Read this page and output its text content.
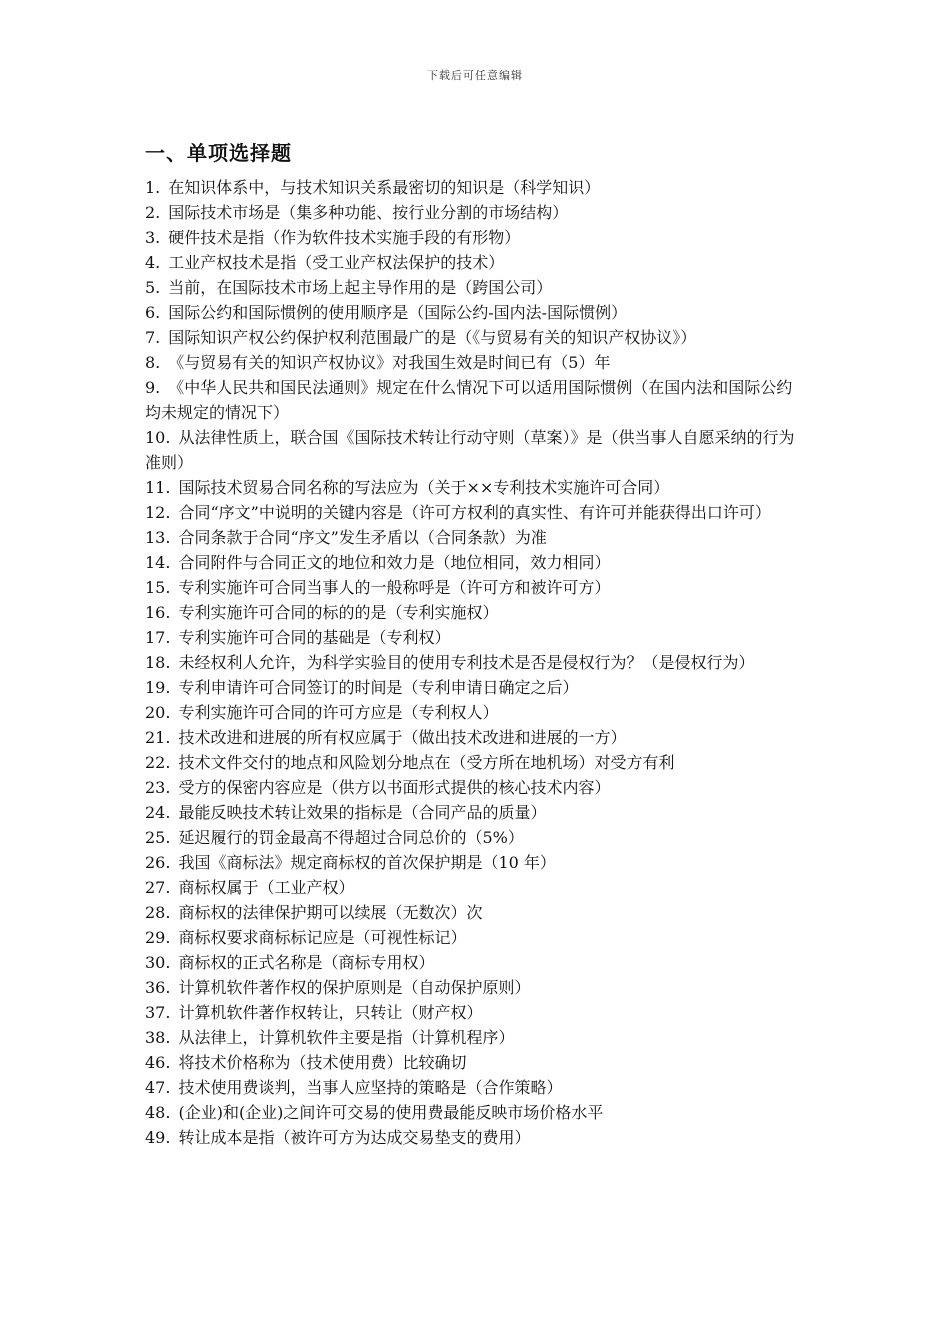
下载后可任意编辑
一、单项选择题
1. 在知识体系中，与技术知识关系最密切的知识是（科学知识）
2. 国际技术市场是（集多种功能、按行业分割的市场结构）
3. 硬件技术是指（作为软件技术实施手段的有形物）
4. 工业产权技术是指（受工业产权法保护的技术）
5. 当前，在国际技术市场上起主导作用的是（跨国公司）
6. 国际公约和国际惯例的使用顺序是（国际公约-国内法-国际惯例）
7. 国际知识产权公约保护权利范围最广的是（《与贸易有关的知识产权协议》）
8. 《与贸易有关的知识产权协议》对我国生效是时间已有（5）年
9. 《中华人民共和国民法通则》规定在什么情况下可以适用国际惯例（在国内法和国际公约均未规定的情况下）
10. 从法律性质上，联合国《国际技术转让行动守则（草案）》是（供当事人自愿采纳的行为准则）
11. 国际技术贸易合同名称的写法应为（关于××专利技术实施许可合同）
12. 合同“序文”中说明的关键内容是（许可方权利的真实性、有许可并能获得出口许可）
13. 合同条款于合同“序文”发生矛盾以（合同条款）为准
14. 合同附件与合同正文的地位和效力是（地位相同，效力相同）
15. 专利实施许可合同当事人的一般称呼是（许可方和被许可方）
16. 专利实施许可合同的标的的是（专利实施权）
17. 专利实施许可合同的基础是（专利权）
18. 未经权利人允许，为科学实验目的使用专利技术是否是侵权行为？（是侵权行为）
19. 专利申请许可合同签订的时间是（专利申请日确定之后）
20. 专利实施许可合同的许可方应是（专利权人）
21. 技术改进和进展的所有权应属于（做出技术改进和进展的一方）
22. 技术文件交付的地点和风险划分地点在（受方所在地机场）对受方有利
23. 受方的保密内容应是（供方以书面形式提供的核心技术内容）
24. 最能反映技术转让效果的指标是（合同产品的质量）
25. 延迟履行的罚金最高不得超过合同总价的（5%）
26. 我国《商标法》规定商标权的首次保护期是（10 年）
27. 商标权属于（工业产权）
28. 商标权的法律保护期可以续展（无数次）次
29. 商标权要求商标标记应是（可视性标记）
30. 商标权的正式名称是（商标专用权）
36. 计算机软件著作权的保护原则是（自动保护原则）
37. 计算机软件著作权转让，只转让（财产权）
38. 从法律上，计算机软件主要是指（计算机程序）
46. 将技术价格称为（技术使用费）比较确切
47. 技术使用费谈判，当事人应坚持的策略是（合作策略）
48. (企业)和(企业)之间许可交易的使用费最能反映市场价格水平
49. 转让成本是指（被许可方为达成交易垫支的费用）
